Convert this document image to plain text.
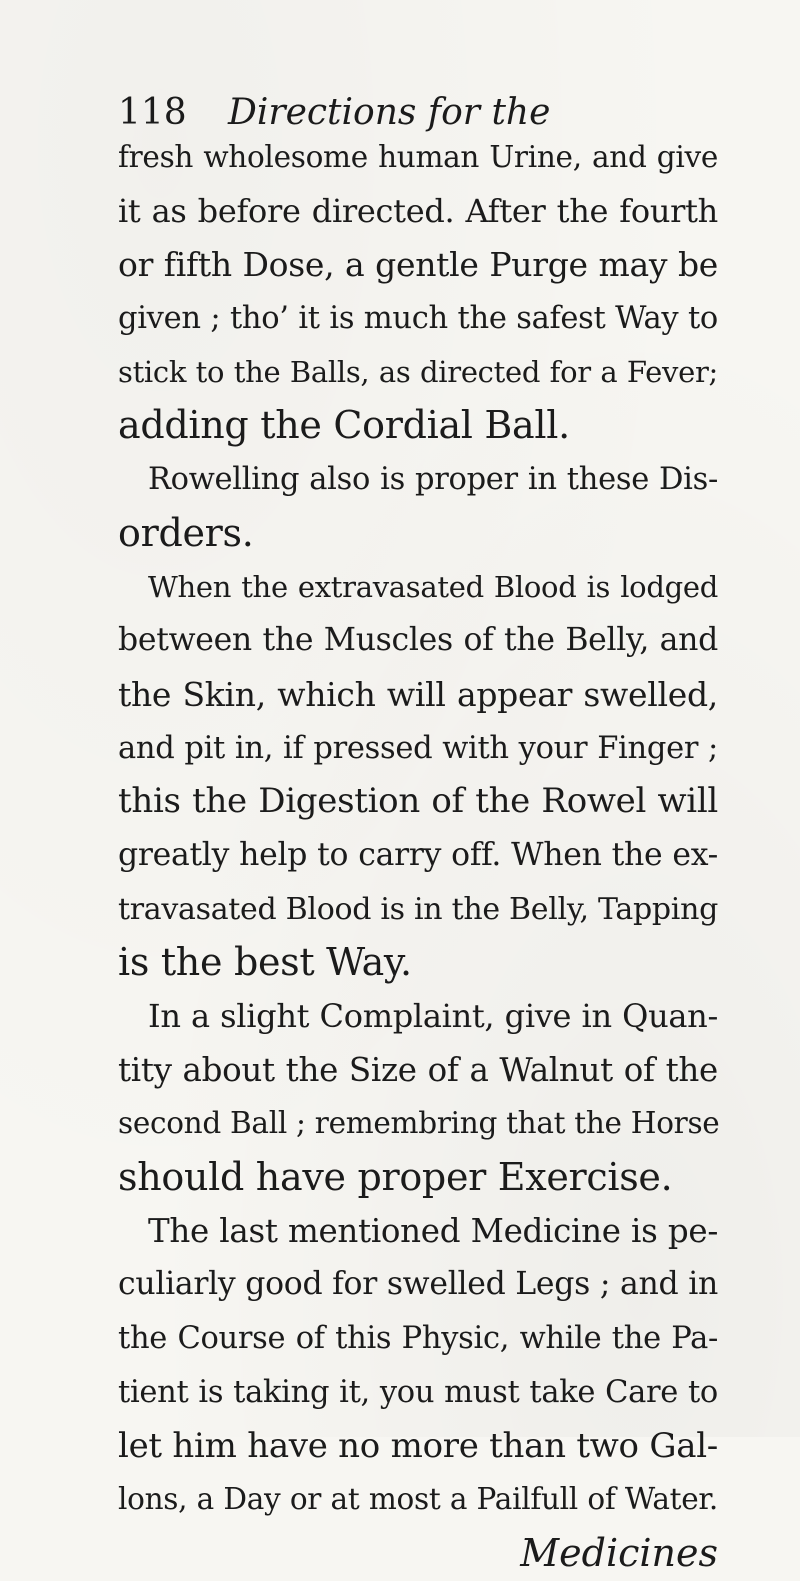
118 Directions for the
fresh wholesome human Urine, and give
it as before directed. After the fourth
or fifth Dose, a gentle Purge may be
given ; tho’ it is much the safest Way to
stick to the Balls, as directed for a Fever;
adding the Cordial Ball.
Rowelling also is proper in these Dis-
orders.
When the extravasated Blood is lodged
between the Muscles of the Belly, and
the Skin, which will appear swelled,
and pit in, if pressed with your Finger ;
this the Digestion of the Rowel will
greatly help to carry off. When the ex-
travasated Blood is in the Belly, Tapping
is the best Way.
In a slight Complaint, give in Quan-
tity about the Size of a Walnut of the
second Ball ; remembring that the Horse
should have proper Exercise.
The last mentioned Medicine is pe-
culiarly good for swelled Legs ; and in
the Course of this Physic, while the Pa-
tient is taking it, you must take Care to
let him have no more than two Gal-
lons, a Day or at most a Pailfull of Water.
Medicines
